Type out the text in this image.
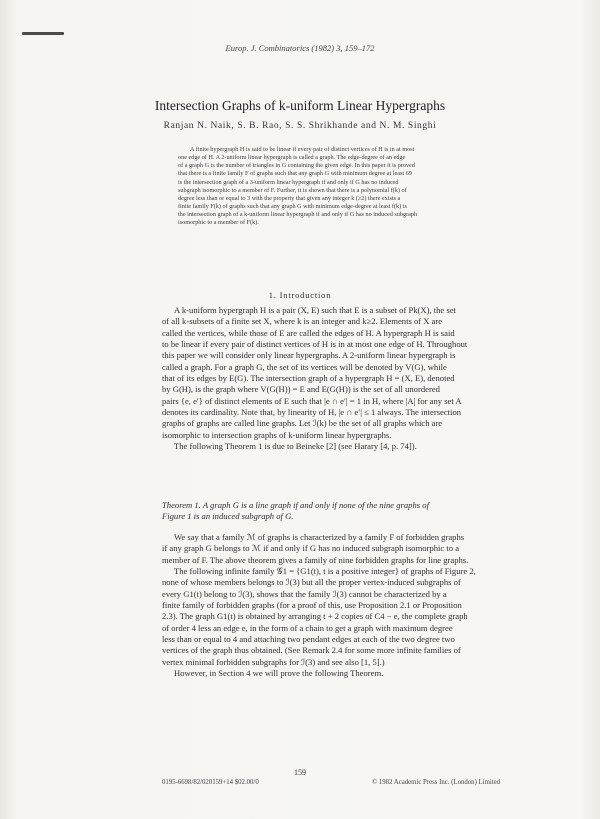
Europ. J. Combinatorics (1982) 3, 159–172
Intersection Graphs of k-uniform Linear Hypergraphs
Ranjan N. Naik, S. B. Rao, S. S. Shrikhande and N. M. Singhi
A finite hypergraph H is said to be linear if every pair of distinct vertices of H is in at most
one edge of H. A 2-uniform linear hypergraph is called a graph. The edge-degree of an edge
of a graph G is the number of triangles in G containing the given edge. In this paper it is proved
that there is a finite family F of graphs such that any graph G with minimum degree at least 69
is the intersection graph of a 3-uniform linear hypergraph if and only if G has no induced
subgraph isomorphic to a member of F. Further, it is shown that there is a polynomial f(k) of
degree less than or equal to 3 with the property that given any integer k (≥2) there exists a
finite family F(k) of graphs such that any graph G with minimum edge-degree at least f(k) is
the intersection graph of a k-uniform linear hypergraph if and only if G has no induced subgraph
isomorphic to a member of F(k).
1. Introduction
A k-uniform hypergraph H is a pair (X, E) such that E is a subset of Pk(X), the set
of all k-subsets of a finite set X, where k is an integer and k≥2. Elements of X are
called the vertices, while those of E are called the edges of H. A hypergraph H is said
to be linear if every pair of distinct vertices of H is in at most one edge of H. Throughout
this paper we will consider only linear hypergraphs. A 2-uniform linear hypergraph is
called a graph. For a graph G, the set of its vertices will be denoted by V(G), while
that of its edges by E(G). The intersection graph of a hypergraph H = (X, E), denoted
by G(H), is the graph where V(G(H)) = E and E(G(H)) is the set of all unordered
pairs {e, e′} of distinct elements of E such that |e ∩ e′| = 1 in H, where |A| for any set A
denotes its cardinality. Note that, by linearity of H, |e ∩ e′| ≤ 1 always. The intersection
graphs of graphs are called line graphs. Let ℐ(k) be the set of all graphs which are
isomorphic to intersection graphs of k-uniform linear hypergraphs.
The following Theorem 1 is due to Beineke [2] (see Harary [4, p. 74]).
Theorem 1. A graph G is a line graph if and only if none of the nine graphs of
Figure 1 is an induced subgraph of G.
We say that a family ℳ of graphs is characterized by a family F of forbidden graphs
if any graph G belongs to ℳ if and only if G has no induced subgraph isomorphic to a
member of F. The above theorem gives a family of nine forbidden graphs for line graphs.
The following infinite family 𝒢1 = {G1(t), t is a positive integer} of graphs of Figure 2,
none of whose members belongs to ℐ(3) but all the proper vertex-induced subgraphs of
every G1(t) belong to ℐ(3), shows that the family ℐ(3) cannot be characterized by a
finite family of forbidden graphs (for a proof of this, use Proposition 2.1 or Proposition
2.3). The graph G1(t) is obtained by arranging t + 2 copies of C4 − e, the complete graph
of order 4 less an edge e, in the form of a chain to get a graph with maximum degree
less than or equal to 4 and attaching two pendant edges at each of the two degree two
vertices of the graph thus obtained. (See Remark 2.4 for some more infinite families of
vertex minimal forbidden subgraphs for ℐ(3) and see also [1, 5].)
However, in Section 4 we will prove the following Theorem.
159
0195-6698/82/020159+14 $02.00/0	© 1982 Academic Press Inc. (London) Limited
